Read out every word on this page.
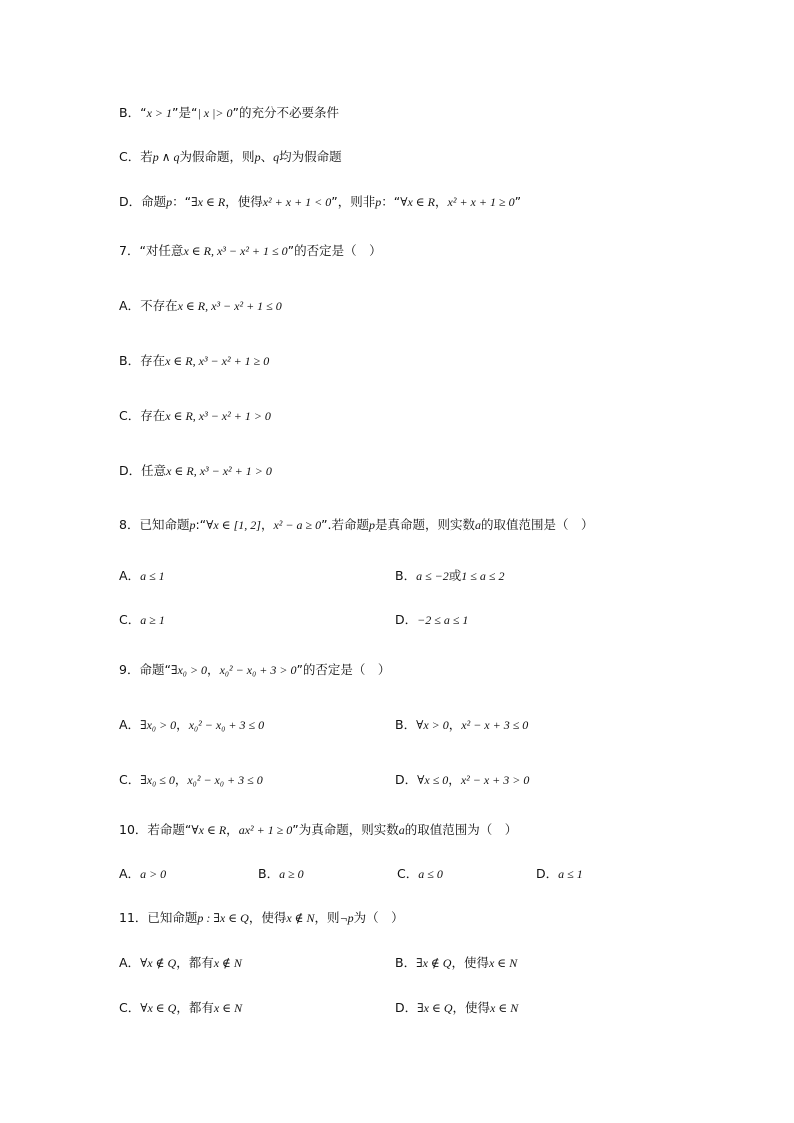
B．“x > 1”是“| x |> 0”的充分不必要条件
C．若p ∧ q为假命题，则p、q均为假命题
D．命题p：“∃x ∈ R，使得x² + x + 1 < 0”，则非p：“∀x ∈ R，x² + x + 1 ≥ 0”
7．“对任意x ∈ R, x³ − x² + 1 ≤ 0”的否定是（　）
A．不存在x ∈ R, x³ − x² + 1 ≤ 0
B．存在x ∈ R, x³ − x² + 1 ≥ 0
C．存在x ∈ R, x³ − x² + 1 > 0
D．任意x ∈ R, x³ − x² + 1 > 0
8．已知命题p:“∀x ∈ [1, 2]，x² − a ≥ 0”.若命题p是真命题，则实数a的取值范围是（　）
A．a ≤ 1
C．a ≥ 1
9．命题“∃x₀ > 0，x₀² − x₀ + 3 > 0”的否定是（　）
A．∃x₀ > 0，x₀² − x₀ + 3 ≤ 0
C．∃x₀ ≤ 0，x₀² − x₀ + 3 ≤ 0
10．若命题“∀x ∈ R，ax² + 1 ≥ 0”为真命题，则实数a的取值范围为（　）
A．a > 0
11．已知命题p : ∃x ∈ Q，使得x ∉ N，则¬p为（　）
A．∀x ∉ Q，都有x ∉ N
C．∀x ∈ Q，都有x ∈ N
B．a ≤ −2或1 ≤ a ≤ 2
D．−2 ≤ a ≤ 1
B．∀x > 0，x² − x + 3 ≤ 0
D．∀x ≤ 0，x² − x + 3 > 0
B．a ≥ 0	C．a ≤ 0	D．a ≤ 1
B．∃x ∉ Q，使得x ∈ N
D．∃x ∈ Q，使得x ∈ N
